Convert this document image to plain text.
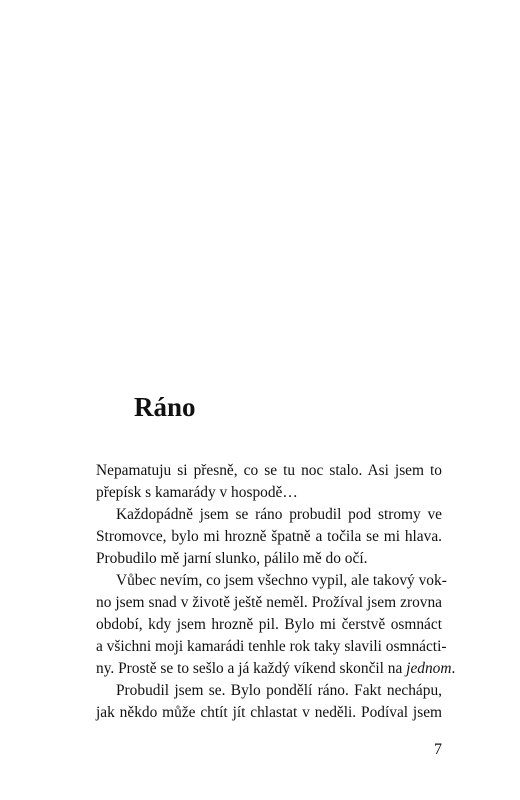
Ráno
Nepamatuju si přesně, co se tu noc stalo. Asi jsem to
přepísk s kamarády v hospodě…
Každopádně jsem se ráno probudil pod stromy ve
Stromovce, bylo mi hrozně špatně a točila se mi hlava.
Probudilo mě jarní slunko, pálilo mě do očí.
Vůbec nevím, co jsem všechno vypil, ale takový vok-
no jsem snad v životě ještě neměl. Prožíval jsem zrovna
období, kdy jsem hrozně pil. Bylo mi čerstvě osmnáct
a všichni moji kamarádi tenhle rok taky slavili osmnácti-
ny. Prostě se to sešlo a já každý víkend skončil na jednom.
Probudil jsem se. Bylo pondělí ráno. Fakt nechápu,
jak někdo může chtít jít chlastat v neděli. Podíval jsem
7
